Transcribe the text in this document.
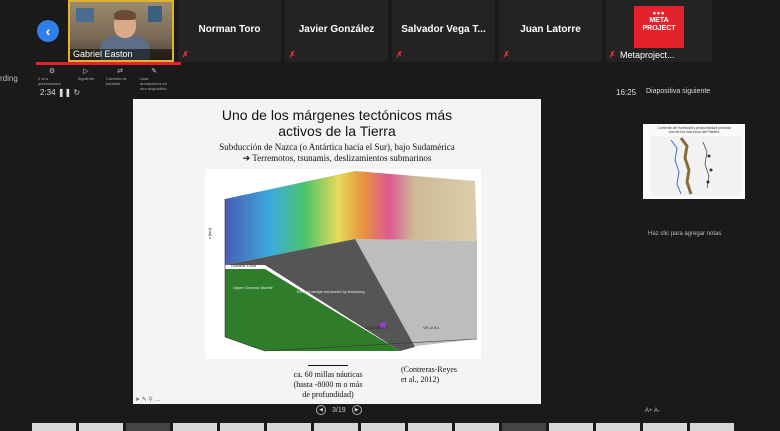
‹
Gabriel Easton
Norman Toro
✗
Javier González
✗
Salvador Vega T...
✗
Juan Latorre
✗	✗ Metaproject...
•••
META PROJECT
rding
⚙
Ir al a presentación
▷
Siguiente
⇄
Cambiar de pantalla
✎
Usar anotaciones en otro dispositivo
2:34 ❚❚ ↻	16:25 Diapositiva siguiente
Uno de los márgenes tectónicos más
activos de la Tierra
Subducción de Nazca (o Antártica hacia el Sur), bajo Sudamérica
➔ Terremotos, tsunamis, deslizamientos submarinos
Oceanic Crust
Upper Oceanic Mantle
Eroded wedge enhanced by fracturing
2010 Mw 7.1	VE=2.5:1
z [km]
ca. 60 millas náuticas
(hasta -8000 m o más
de profundidad)
(Contreras-Reyes
et al., 2012)
➤ ✎ ⚲ …
◀	3/19	▶
Corriente de Humboldt y productividad primaria
uno de los más ricos del Planeta
Haz clic para agregar notas
A+ A-
